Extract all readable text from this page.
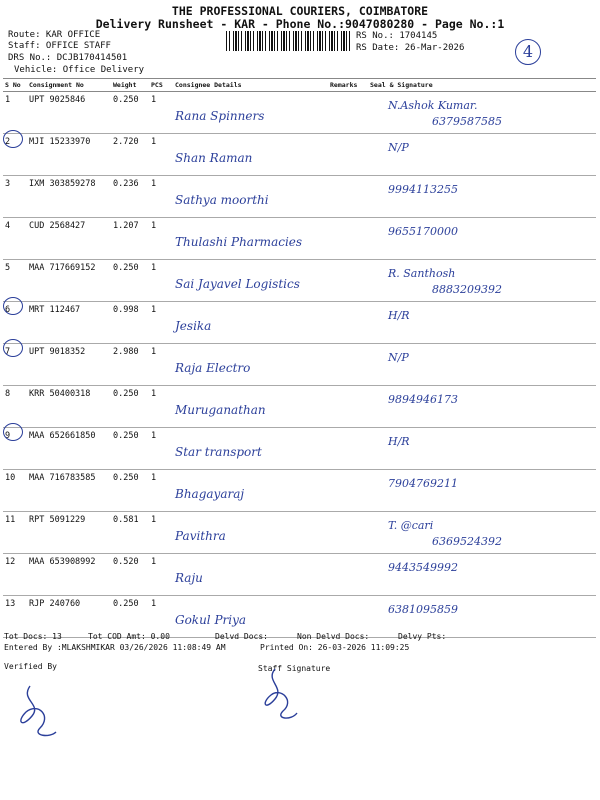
THE PROFESSIONAL COURIERS, COIMBATORE
Delivery Runsheet - KAR - Phone No.:9047080280 - Page No.:1
Route: KAR OFFICE
Staff: OFFICE STAFF
DRS No.: DCJB170414501
Vehicle: Office Delivery
RS No.: 1704145
RS Date: 26-Mar-2026	4
S No	Consignment No	Weight	PCS	Consignee Details	Remarks	Seal & Signature
1	UPT 9025846	0.250	1	Rana Spinners		N.Ashok Kumar.
6379587585

2	MJI 15233970	2.720	1	Shan Raman		N/P

3	IXM 303859278	0.236	1	Sathya moorthi		9994113255

4	CUD 2568427	1.207	1	Thulashi Pharmacies		9655170000

5	MAA 717669152	0.250	1	Sai Jayavel Logistics		R. Santhosh
8883209392

6	MRT 112467	0.998	1	Jesika		H/R

7	UPT 9018352	2.980	1	Raja Electro		N/P

8	KRR 50400318	0.250	1	Muruganathan		9894946173

9	MAA 652661850	0.250	1	Star transport		H/R

10	MAA 716783585	0.250	1	Bhagayaraj		7904769211

11	RPT 5091229	0.581	1	Pavithra		T. @cari
6369524392

12	MAA 653908992	0.520	1	Raju		9443549992

13	RJP 240760	0.250	1	Gokul Priya		6381095859
Tot Docs: 13	Tot COD Amt: 0.00	Delvd Docs:	Non Delvd Docs:	Delvy Pts:
Entered By :MLAKSHMIKAR 03/26/2026 11:08:49 AM	Printed On: 26-03-2026 11:09:25
Verified By	Staff Signature
